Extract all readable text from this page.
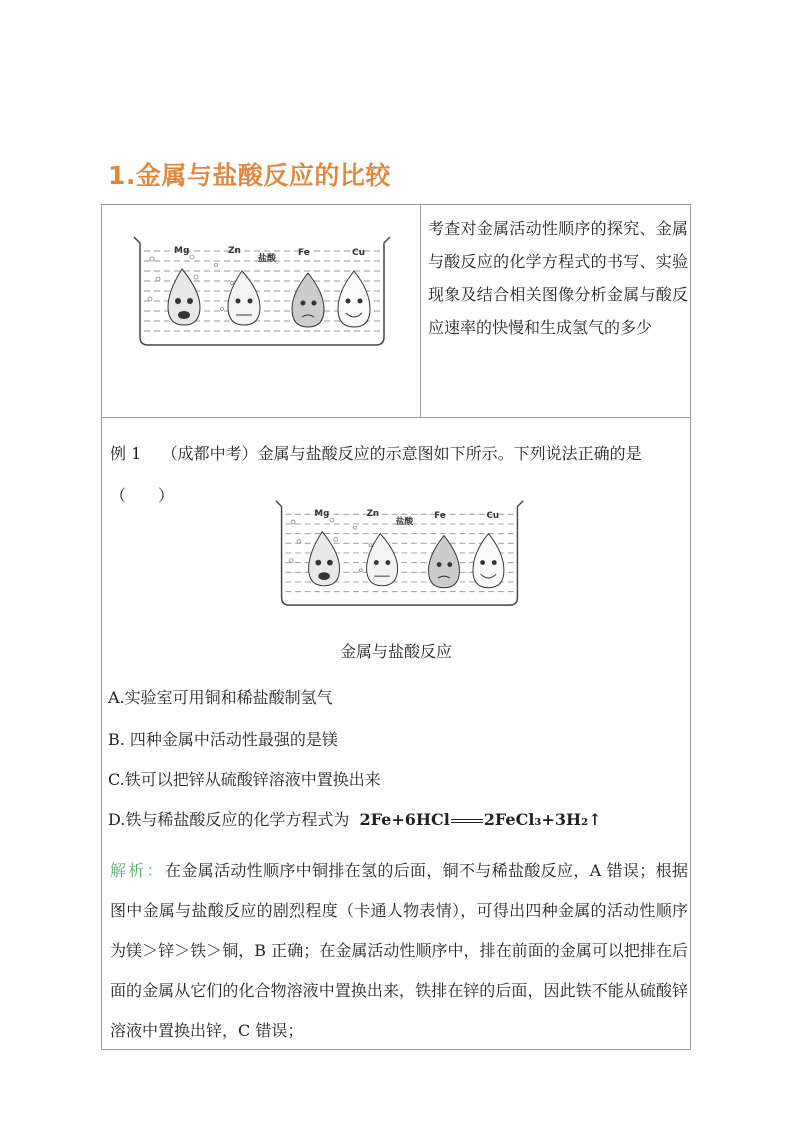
1.金属与盐酸反应的比较
Mg	Zn
盐酸
Fe	Cu
考查对金属活动性顺序的探究、金属与酸反应的化学方程式的书写、实验现象及结合相关图像分析金属与酸反应速率的快慢和生成氢气的多少
例 1 （成都中考）金属与盐酸反应的示意图如下所示。下列说法正确的是（　　）
Mg	Zn
盐酸
Fe	Cu
金属与盐酸反应
A.实验室可用铜和稀盐酸制氢气
B. 四种金属中活动性最强的是镁
C.铁可以把锌从硫酸锌溶液中置换出来
D.铁与稀盐酸反应的化学方程式为 2Fe+6HCl 2FeCl₃+3H₂↑
解析：在金属活动性顺序中铜排在氢的后面，铜不与稀盐酸反应，A 错误；根据图中金属与盐酸反应的剧烈程度（卡通人物表情），可得出四种金属的活动性顺序为镁＞锌＞铁＞铜，B 正确；在金属活动性顺序中，排在前面的金属可以把排在后面的金属从它们的化合物溶液中置换出来，铁排在锌的后面，因此铁不能从硫酸锌溶液中置换出锌，C 错误；
